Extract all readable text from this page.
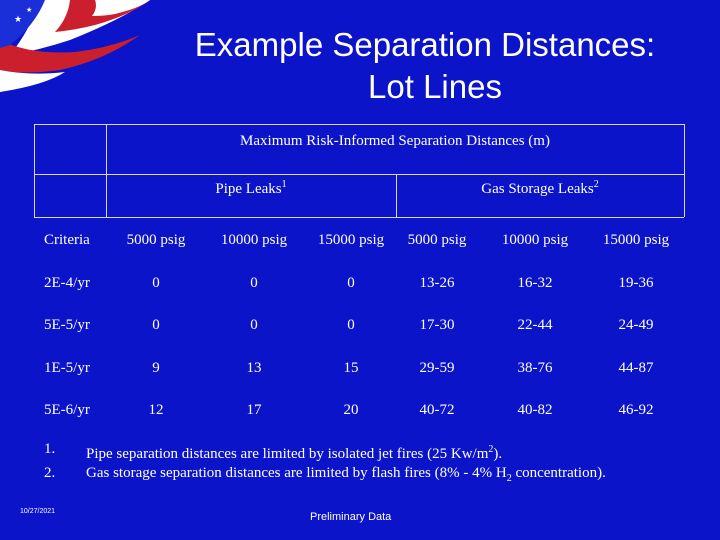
★
★
Example Separation Distances:
Lot Lines
Maximum Risk-Informed Separation Distances (m)
Pipe Leaks$^1$	Gas Storage Leaks$^2$
Criteria	5000 psig	10000 psig	15000 psig	5000 psig	10000 psig	15000 psig
2E-4/yr	0	0	0	13-26	16-32	19-36
5E-5/yr	0	0	0	17-30	22-44	24-49
1E-5/yr	9	13	15	29-59	38-76	44-87
5E-6/yr	12	17	20	40-72	40-82	46-92
1. Pipe separation distances are limited by isolated jet fires (25 $Kw/m^2$).
2. Gas storage separation distances are limited by flash fires (8% - 4% $H_2$ concentration).
10/27/2021	Preliminary Data
